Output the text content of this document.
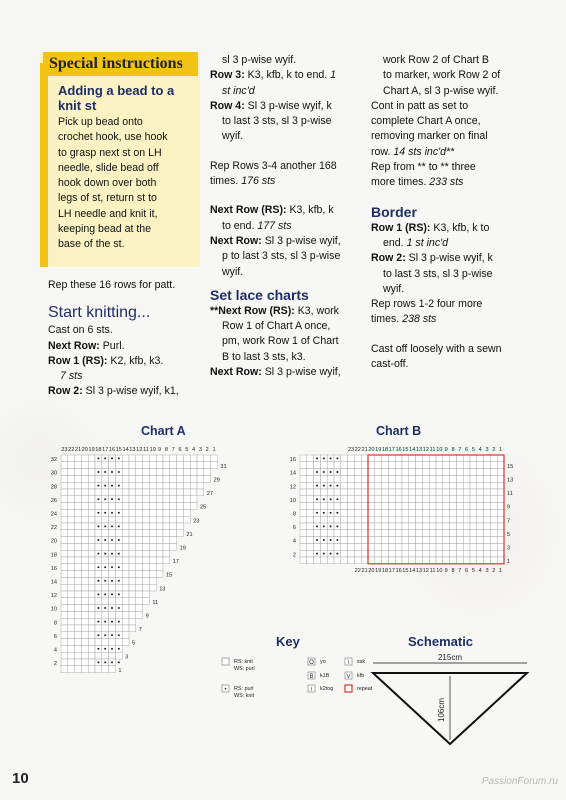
Special instructions

Adding a bead to a knit st

Pick up bead onto

crochet hook, use hook

to grasp next st on LH

needle, slide bead off

hook down over both

legs of st, return st to

LH needle and knit it,

keeping bead at the

base of the st.

Rep these 16 rows for patt.

Start knitting...

Cast on 6 sts.

Next Row: Purl.

Row 1 (RS): K2, kfb, k3.

7 sts

Row 2: Sl 3 p-wise wyif, k1,

sl 3 p-wise wyif.

Row 3: K3, kfb, k to end. 1

st inc'd

Row 4: Sl 3 p-wise wyif, k

to last 3 sts, sl 3 p-wise

wyif.

Rep Rows 3-4 another 168

times. 176 sts

Next Row (RS): K3, kfb, k

to end. 177 sts

Next Row: Sl 3 p-wise wyif,

p to last 3 sts, sl 3 p-wise

wyif.

Set lace charts

**Next Row (RS): K3, work

Row 1 of Chart A once,

pm, work Row 1 of Chart

B to last 3 sts, k3.

Next Row: Sl 3 p-wise wyif,

work Row 2 of Chart B

to marker, work Row 2 of

Chart A, sl 3 p-wise wyif.

Cont in patt as set to

complete Chart A once,

removing marker on final

row. 14 sts inc'd**

Rep from ** to ** three

more times. 233 sts

Border

Row 1 (RS): K3, kfb, k to

end. 1 st inc'd

Row 2: Sl 3 p-wise wyif, k

to last 3 sts, sl 3 p-wise

wyif.

Rep rows 1-2 four more

times. 238 sts

Cast off loosely with a sewn

cast-off.

Chart A	Chart B
23 22 21 20 19 18 17 16 15 14 13 12 11 10 9 8 7 6 5 4 3 2 1
32
30
28
26
24
22
20
18
16
14
12
10
8
6
4
2
31
29
27
25
23
21
19
17
15
13
11
9
7
5
3
1
23 22 21 20 19 18 17 16 15 14 13 12 11 10 9 8 7 6 5 4 3 2 1
22 21 20 19 18 17 16 15 14 13 12 11 10 9 8 7 6 5 4 3 2 1
16
14
12
10
8
6
4
2
15
13
11
9
7
5
3
1
RS: knit
WS: purl
O yo
B k1B
/ k2tog
\ ssk
V kfb
• RS: purl
WS: knit
repeat
215cm
106cm
Key	Schematic
10	PassionForum.ru
